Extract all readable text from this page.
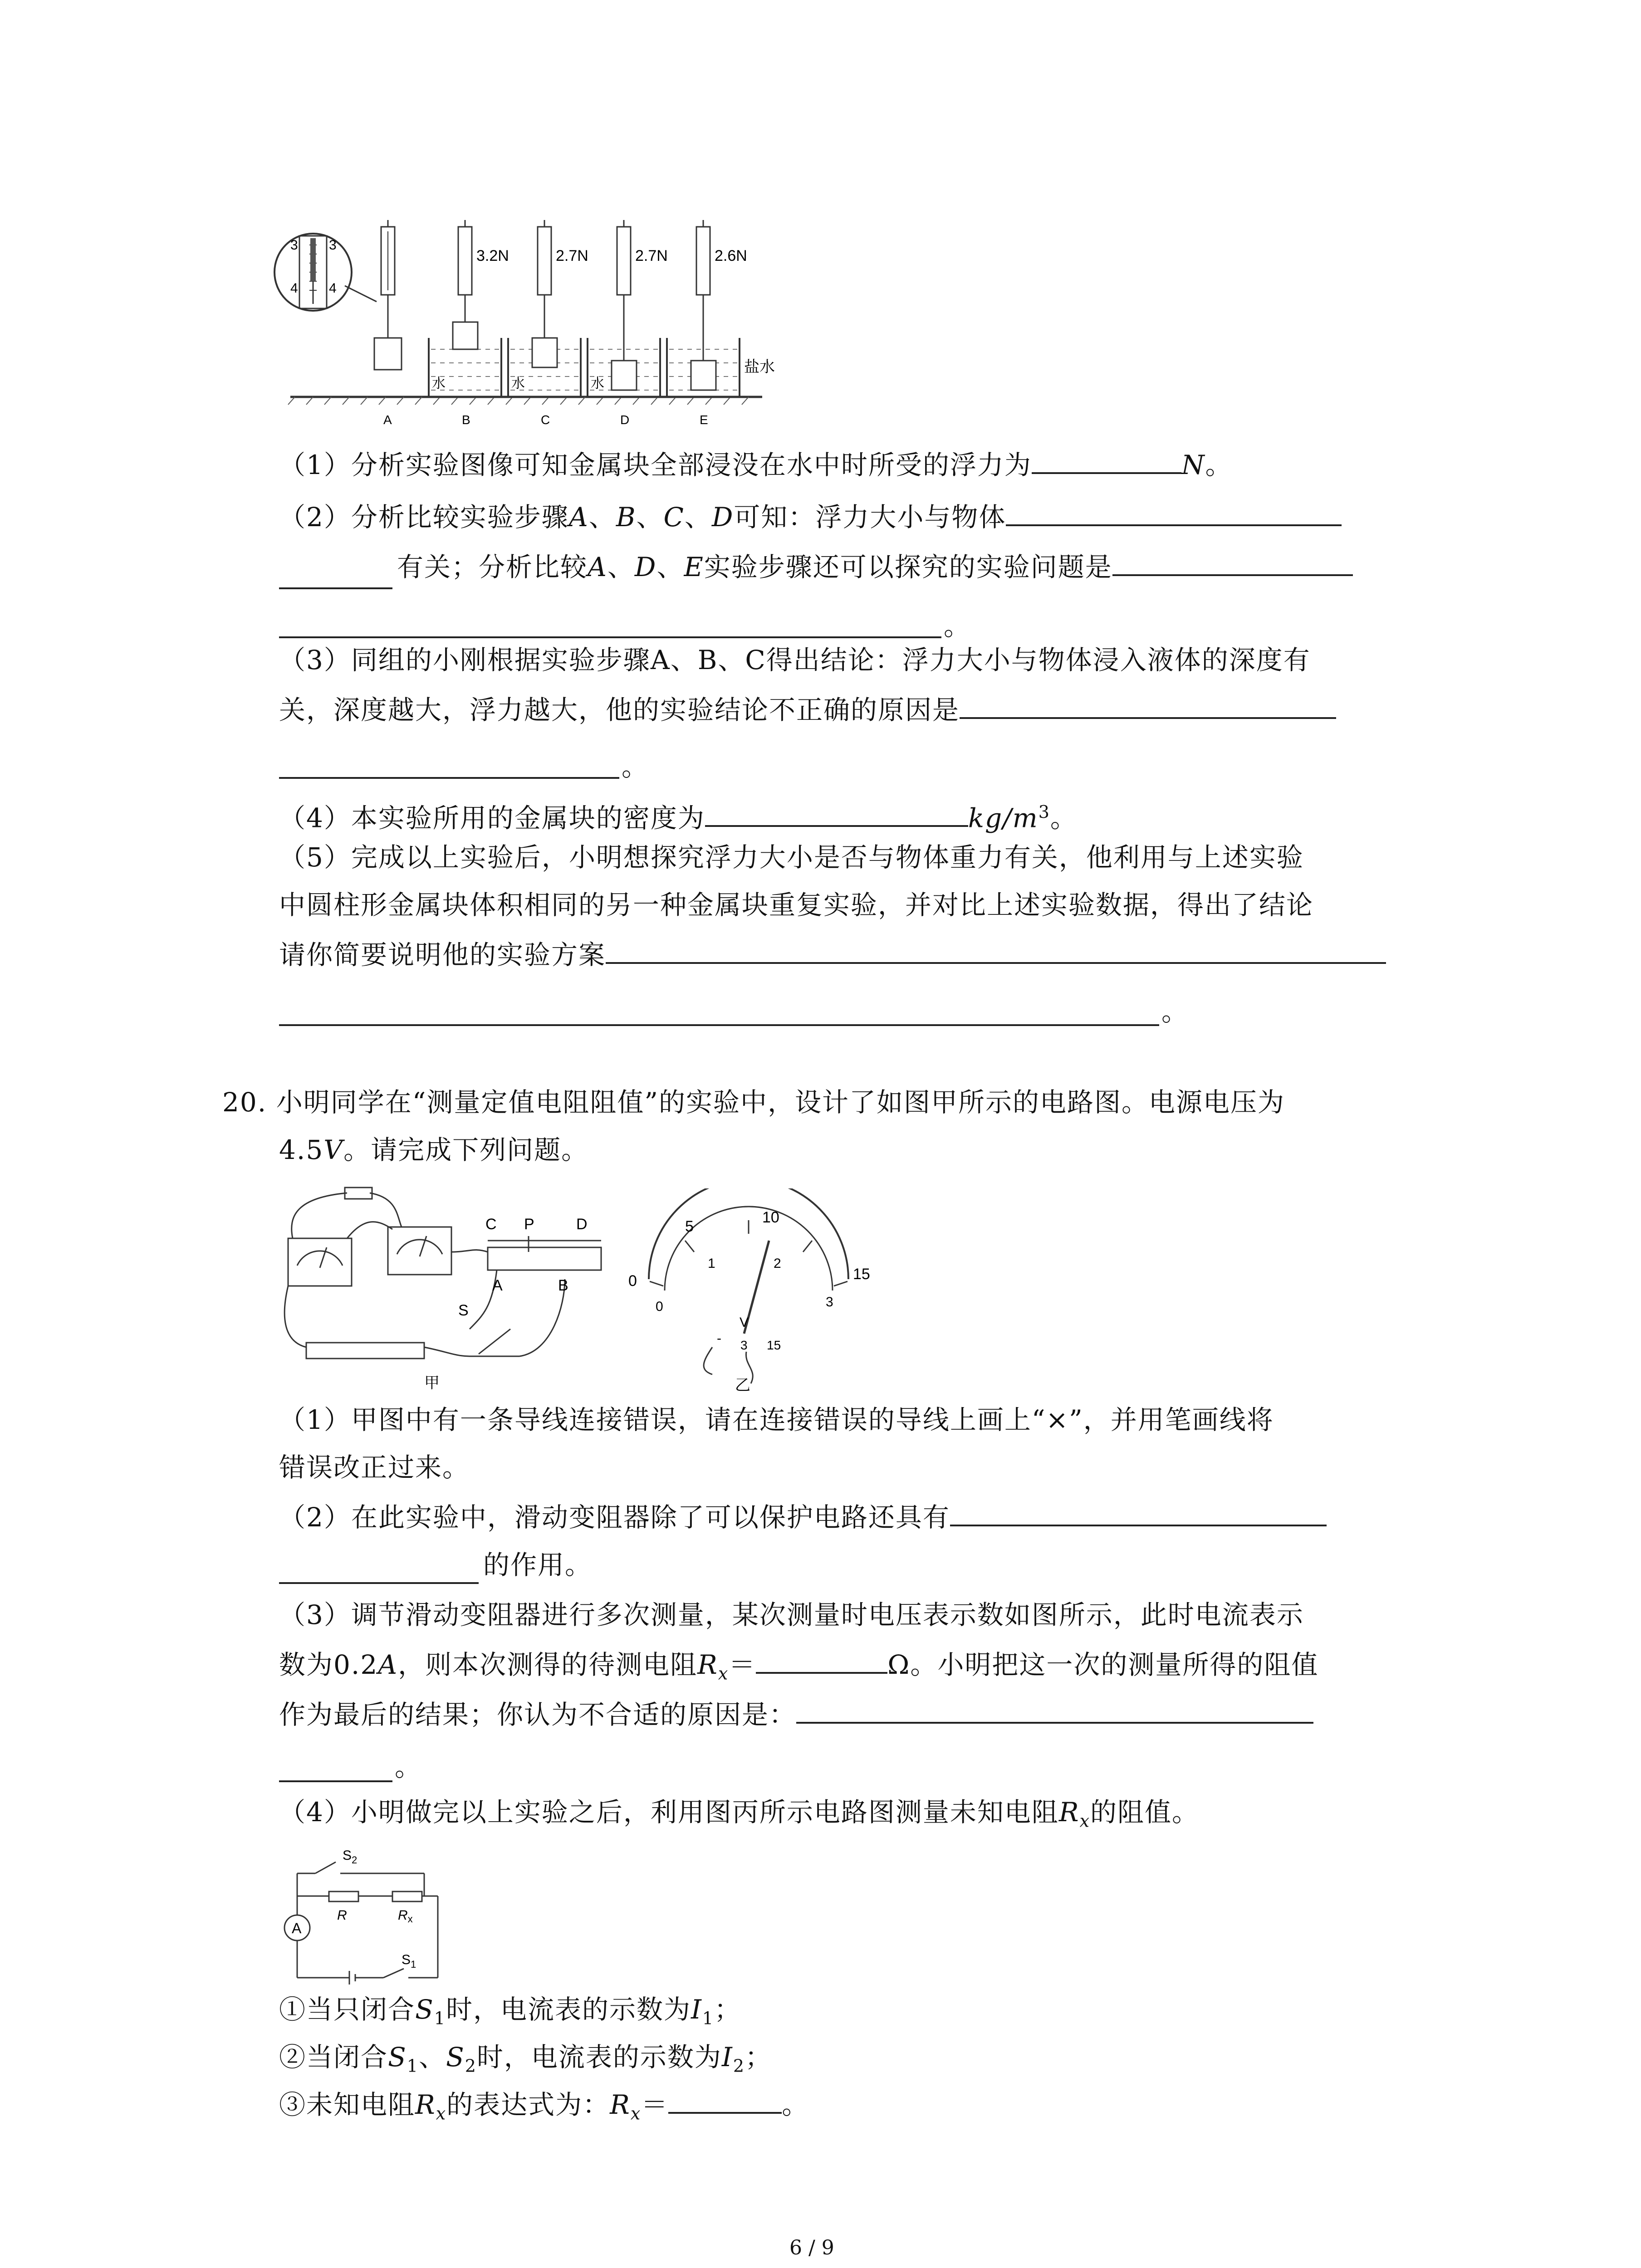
3
4
3
4
3.2N	2.7N	2.7N	2.6N
水	水	水
盐水
A	B	C	D	E
（1）分析实验图像可知金属块全部浸没在水中时所受的浮力为	N。
（2）分析比较实验步骤A、B、C、D可知：浮力大小与物体
有关；分析比较A、D、E实验步骤还可以探究的实验问题是
。
（3）同组的小刚根据实验步骤A、B、C得出结论：浮力大小与物体浸入液体的深度有
关，深度越大，浮力越大，他的实验结论不正确的原因是
。
（4）本实验所用的金属块的密度为	$kg/m^3$。
（5）完成以上实验后，小明想探究浮力大小是否与物体重力有关，他利用与上述实验
中圆柱形金属块体积相同的另一种金属块重复实验，并对比上述实验数据，得出了结论
请你简要说明他的实验方案
。
20. 小明同学在“测量定值电阻阻值”的实验中，设计了如图甲所示的电路图。电源电压为
4.5V。请完成下列问题。
C P	D
A	B
S
甲
0
5
10
15
0
1	2
3
V
- 3 15
乙
（1）甲图中有一条导线连接错误，请在连接错误的导线上画上“×”，并用笔画线将
错误改正过来。
（2）在此实验中，滑动变阻器除了可以保护电路还具有
的作用。
（3）调节滑动变阻器进行多次测量，某次测量时电压表示数如图所示，此时电流表示
数为0.2A，则本次测得的待测电阻$R_x=$	Ω。小明把这一次的测量所得的阻值
作为最后的结果；你认为不合适的原因是：
。
（4）小明做完以上实验之后，利用图丙所示电路图测量未知电阻$R_x$的阻值。
A
$S_2$
R	$R_x$
$S_1$
①当只闭合$S_1$时，电流表的示数为$I_1$；
②当闭合$S_1$、$S_2$时，电流表的示数为$I_2$；
③未知电阻$R_x$的表达式为：$R_x=$	。
6 / 9
